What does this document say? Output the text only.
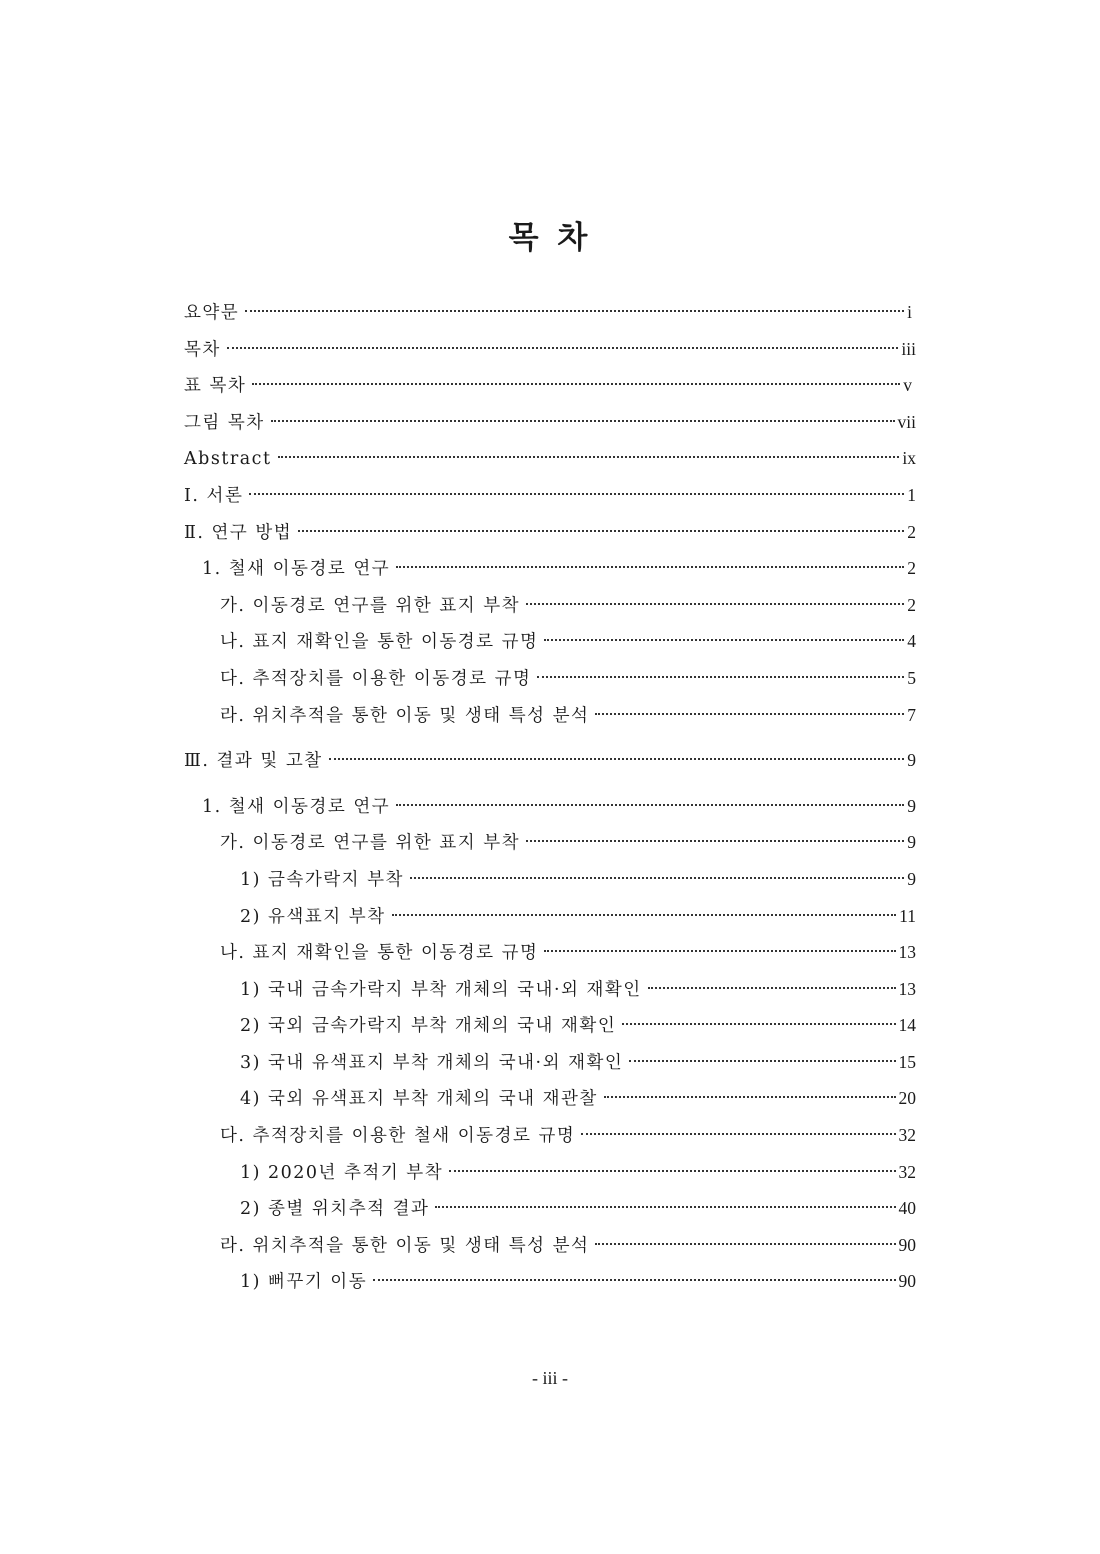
목 차
요약문	i
목차	iii
표 목차	v
그림 목차	vii
Abstract	ix
Ⅰ. 서론	1
Ⅱ. 연구 방법	2
1. 철새 이동경로 연구	2
가. 이동경로 연구를 위한 표지 부착	2
나. 표지 재확인을 통한 이동경로 규명	4
다. 추적장치를 이용한 이동경로 규명	5
라. 위치추적을 통한 이동 및 생태 특성 분석	7
Ⅲ. 결과 및 고찰	9
1. 철새 이동경로 연구	9
가. 이동경로 연구를 위한 표지 부착	9
1) 금속가락지 부착	9
2) 유색표지 부착	11
나. 표지 재확인을 통한 이동경로 규명	13
1) 국내 금속가락지 부착 개체의 국내·외 재확인	13
2) 국외 금속가락지 부착 개체의 국내 재확인	14
3) 국내 유색표지 부착 개체의 국내·외 재확인	15
4) 국외 유색표지 부착 개체의 국내 재관찰	20
다. 추적장치를 이용한 철새 이동경로 규명	32
1) 2020년 추적기 부착	32
2) 종별 위치추적 결과	40
라. 위치추적을 통한 이동 및 생태 특성 분석	90
1) 뻐꾸기 이동	90
- iii -
